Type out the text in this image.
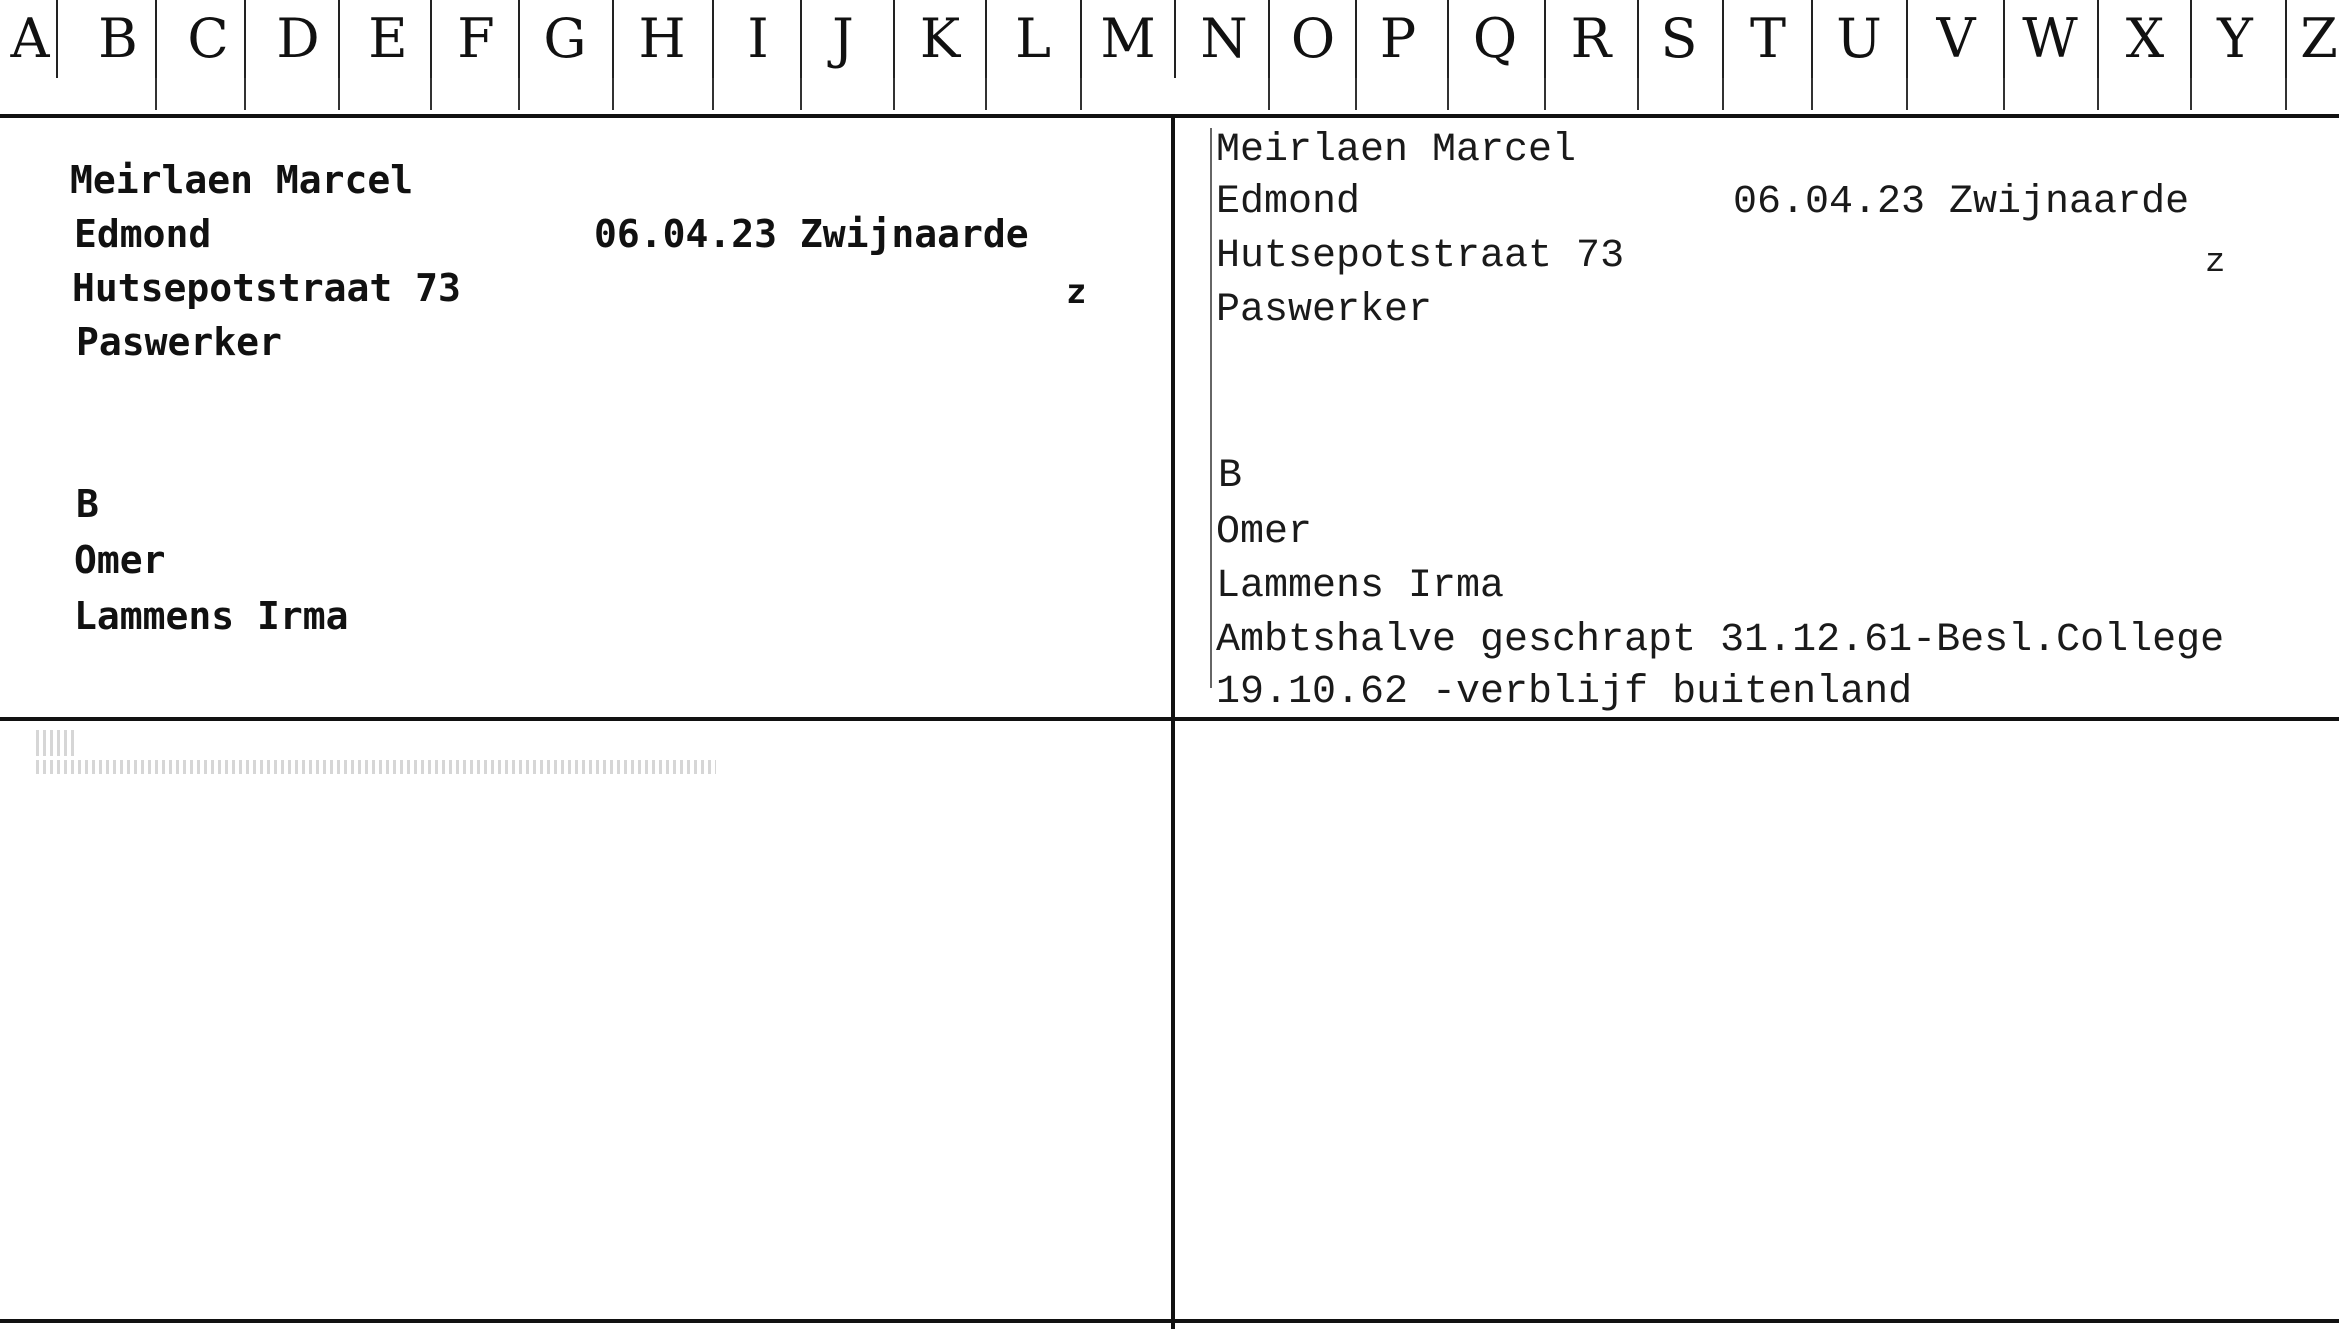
A B C D E F G H	I	J	K L M N O P Q R S T U V W X Y Z
Meirlaen Marcel
Edmond	06.04.23 Zwijnaarde
Hutsepotstraat 73	z
Paswerker
B
Omer
Lammens Irma
Meirlaen Marcel
Edmond	06.04.23 Zwijnaarde
Hutsepotstraat 73	z
Paswerker
B
Omer
Lammens Irma
Ambtshalve geschrapt 31.12.61-Besl.College
19.10.62 -verblijf buitenland
